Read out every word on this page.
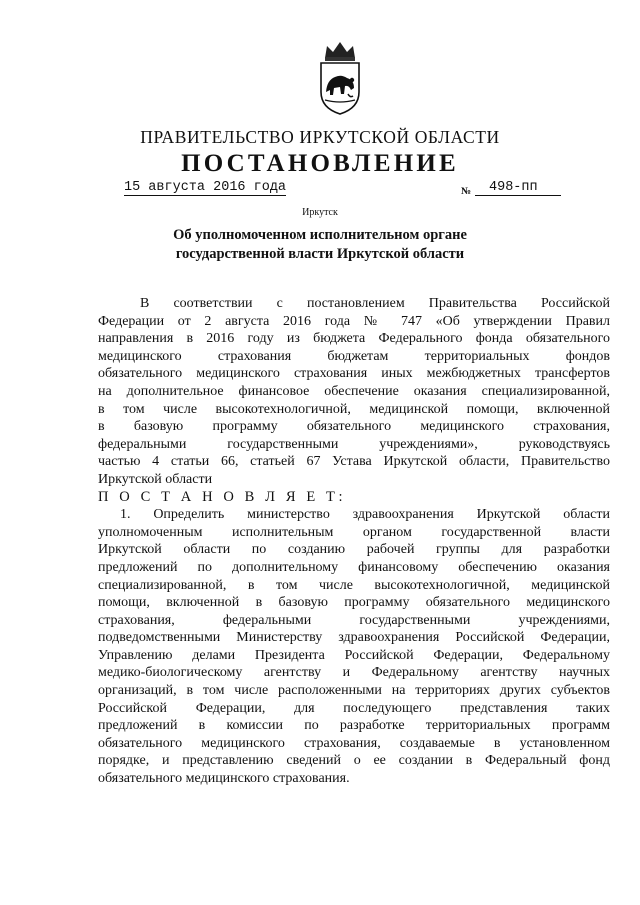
ПРАВИТЕЛЬСТВО ИРКУТСКОЙ ОБЛАСТИ
ПОСТАНОВЛЕНИЕ
15 августа 2016 года	№	498-пп
Иркутск
Об уполномоченном исполнительном органе
государственной власти Иркутской области
В соответствии с постановлением Правительства Российской
Федерации от 2 августа 2016 года № 747 «Об утверждении Правил
направления в 2016 году из бюджета Федерального фонда обязательного
медицинского страхования бюджетам территориальных фондов
обязательного медицинского страхования иных межбюджетных трансфертов
на дополнительное финансовое обеспечение оказания специализированной,
в том числе высокотехнологичной, медицинской помощи, включенной
в базовую программу обязательного медицинского страхования,
федеральными государственными учреждениями», руководствуясь
частью 4 статьи 66, статьей 67 Устава Иркутской области, Правительство
Иркутской области
П О С Т А Н О В Л Я Е Т:
1. Определить министерство здравоохранения Иркутской области
уполномоченным исполнительным органом государственной власти
Иркутской области по созданию рабочей группы для разработки
предложений по дополнительному финансовому обеспечению оказания
специализированной, в том числе высокотехнологичной, медицинской
помощи, включенной в базовую программу обязательного медицинского
страхования, федеральными государственными учреждениями,
подведомственными Министерству здравоохранения Российской Федерации,
Управлению делами Президента Российской Федерации, Федеральному
медико-биологическому агентству и Федеральному агентству научных
организаций, в том числе расположенными на территориях других субъектов
Российской Федерации, для последующего представления таких
предложений в комиссии по разработке территориальных программ
обязательного медицинского страхования, создаваемые в установленном
порядке, и представлению сведений о ее создании в Федеральный фонд
обязательного медицинского страхования.
